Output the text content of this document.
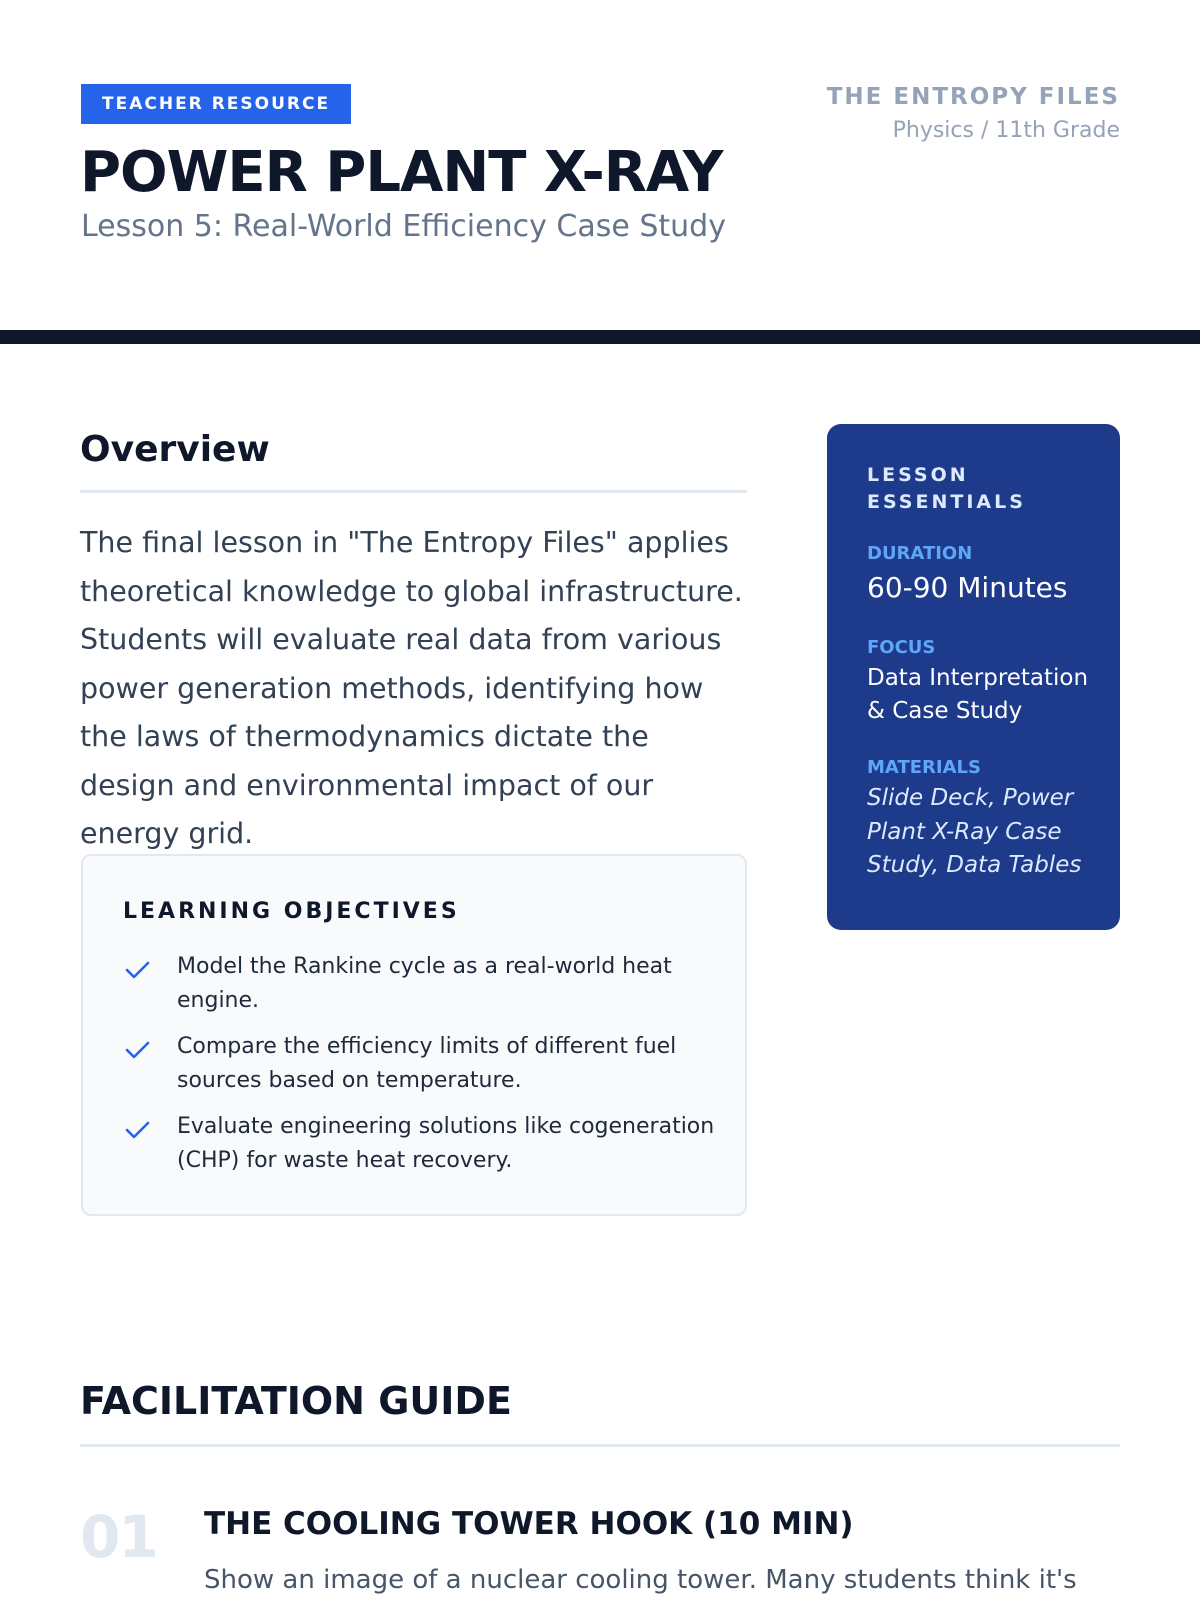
TEACHER RESOURCE
POWER PLANT X-RAY
Lesson 5: Real-World Efficiency Case Study
THE ENTROPY FILES
Physics / 11th Grade
Overview

The final lesson in "The Entropy Files" applies theoretical knowledge to global infrastructure. Students will evaluate real data from various power generation methods, identifying how the laws of thermodynamics dictate the design and environmental impact of our energy grid.

LEARNING OBJECTIVES
Model the Rankine cycle as a real-world heat engine.
Compare the efficiency limits of different fuel sources based on temperature.
Evaluate engineering solutions like cogeneration (CHP) for waste heat recovery.
LESSON ESSENTIALS
DURATION
60-90 Minutes
FOCUS
Data Interpretation & Case Study
MATERIALS
Slide Deck, Power Plant X-Ray Case Study, Data Tables
FACILITATION GUIDE
01 THE COOLING TOWER HOOK (10 MIN)
Show an image of a nuclear cooling tower. Many students think it's
